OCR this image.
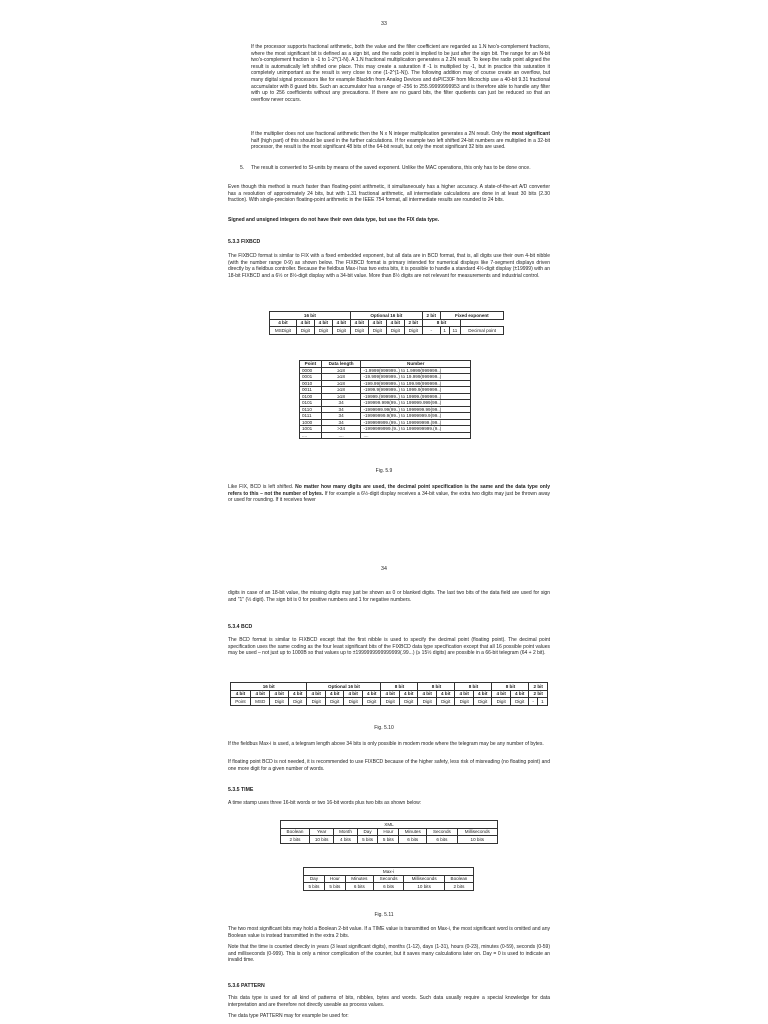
33

If the processor supports fractional arithmetic, both the value and the filter coefficient are regarded as 1.N two's-complement fractions, where the most significant bit is defined as a sign bit, and the radix point is implied to be just after the sign bit. The range for an N-bit two's-complement fraction is -1 to 1-2^(1-N). A 1.N fractional multiplication generates a 2.2N result. To keep the radix point aligned the result is automatically left shifted one place. This may create a saturation if -1 is multiplied by -1, but in practice this saturation it completely unimportant as the result is very close to one (1-2^(1-N)). The following addition may of course create an overflow, but many digital signal processors like for example Blackfin from Analog Devices and dsPIC30F from Microchip use a 40-bit 9.31 fractional accumulator with 8 guard bits. Such an accumulator has a range of -256 to 255.99999999953 and is therefore able to handle any filter with up to 256 coefficients without any precautions. If there are no guard bits, the filter quotients can just be reduced so that an overflow never occurs.

If the multiplier does not use fractional arithmetic then the N x N integer multiplication generates a 2N result. Only the most significant half (high part) of this should be used in the further calculations. If for example two left shifted 24-bit numbers are multiplied in a 32-bit processor, the result is the most significant 48 bits of the 64-bit result, but only the most significant 32 bits are used.

5. The result is converted to SI-units by means of the saved exponent. Unlike the MAC operations, this only has to be done once.

Even though this method is much faster than floating-point arithmetic, it simultaneously has a higher accuracy. A state-of-the-art A/D converter has a resolution of approximately 24 bits, but with 1.31 fractional arithmetic, all intermediate calculations are done in at least 30 bits (2.30 fraction). With single-precision floating-point arithmetic in the IEEE 754 format, all intermediate results are rounded to 24 bits.

Signed and unsigned integers do not have their own data type, but use the FIX data type.

5.3.3 FIXBCD

The FIXBCD format is similar to FIX with a fixed embedded exponent, but all data are in BCD format, that is, all digits use their own 4-bit nibble (with the number range 0-9) as shown below. The FIXBCD format is primary intended for numerical displays like 7-segment displays driven directly by a fieldbus controller. Because the fieldbus Max-i has two extra bits, it is possible to handle a standard 4½-digit display (±19999) with an 18-bit FIXBCD and a 6½ or 8½-digit display with a 34-bit value. More than 8½ digits are not relevant for measurements and industrial control.

16 bit				Optional 16 bit				2 bit	Fixed exponent		
4 bit	4 bit	4 bit	4 bit	4 bit	4 bit	4 bit	2 bit	8 bit			
MSDigit	Digit	Digit	Digit	Digit	Digit	Digit	Digit	-	1	11	Decimal point
Point	Data length	Number
0000	≥18	-1.9999(999999..) to 1.9999(999999..)
0001	≥18	-19.999(999999..) to 19.999(999999..)
0010	≥18	-199.99(999999..) to 199.99(999999..)
0011	≥18	-1999.9(999999..) to 1999.9(999999..)
0100	≥18	-19999.(999999..) to 19999.(999999..)
0101	34	-199999.999(99..) to 199999.999(99..)
0110	34	-1999999.99(99..) to 1999999.99(99..)
0111	34	-19999999.9(99..) to 19999999.9(99..)
1000	34	-199999999.(99..) to 199999999.(99..)
1001	>34	-1999999999.(9..) to 1999999999.(9..)
....	....	....
Fig. 5.9

Like FIX, BCD is left shifted. No matter how many digits are used, the decimal point specification is the same and the data type only refers to this – not the number of bytes. If for example a 6½-digit display receives a 34-bit value, the extra two digits may just be thrown away or used for rounding. If it receives fewer

34

digits in case of an 18-bit value, the missing digits may just be shown as 0 or blanked digits. The last two bits of the data field are used for sign and "1" (½ digit). The sign bit is 0 for positive numbers and 1 for negative numbers.

5.3.4 BCD

The BCD format is similar to FIXBCD except that the first nibble is used to specify the decimal point (floating point). The decimal point specification uses the same coding as the four least significant bits of the FIXBCD data type specification except that all 16 possible point values may be used – not just up to 1000B so that values up to ±1999999999999999(.99...) (≥ 15½ digits) are possible in a 66-bit telegram (64 + 2 bit).

16 bit				Optional 16 bit				8 bit		8 bit		8 bit		8 bit		2 bit	
4 bit	4 bit	4 bit	4 bit	4 bit	4 bit	4 bit	4 bit	4 bit	4 bit	4 bit	4 bit	4 bit	4 bit	4 bit	4 bit	2 bit	
Point	MSD	Digit	Digit	Digit	Digit	Digit	Digit	Digit	Digit	Digit	Digit	Digit	Digit	Digit	Digit	-	1
Fig. 5.10

If the fieldbus Max-i is used, a telegram length above 34 bits is only possible in modem mode where the telegram may be any number of bytes.

If floating point BCD is not needed, it is recommended to use FIXBCD because of the higher safety, less risk of misreading (no floating point) and one more digit for a given number of words.

5.3.5 TIME

A time stamp uses three 16-bit words or two 16-bit words plus two bits as shown below:

XML							
Boolean	Year	Month	Day	Hour	Minutes	Seconds	Milliseconds
2 bits	10 bits	4 bits	5 bits	5 bits	6 bits	6 bits	10 bits
Max-i					
Day	Hour	Minutes	Seconds	Milliseconds	Boolean
5 bits	5 bits	6 bits	6 bits	10 bits	2 bits
Fig. 5.11

The two most significant bits may hold a Boolean 2-bit value. If a TIME value is transmitted on Max-i, the most significant word is omitted and any Boolean value is instead transmitted in the extra 2 bits.

Note that the time is counted directly in years (3 least significant digits), months (1-12), days (1-31), hours (0-23), minutes (0-59), seconds (0-59) and milliseconds (0-999). This is only a minor complication of the counter, but it saves many calculations later on. Day = 0 is used to indicate an invalid time.

5.3.6 PATTERN

This data type is used for all kind of patterns of bits, nibbles, bytes and words. Such data usually require a special knowledge for data interpretation and are therefore not directly useable as process values.

The data type PATTERN may for example be used for:
